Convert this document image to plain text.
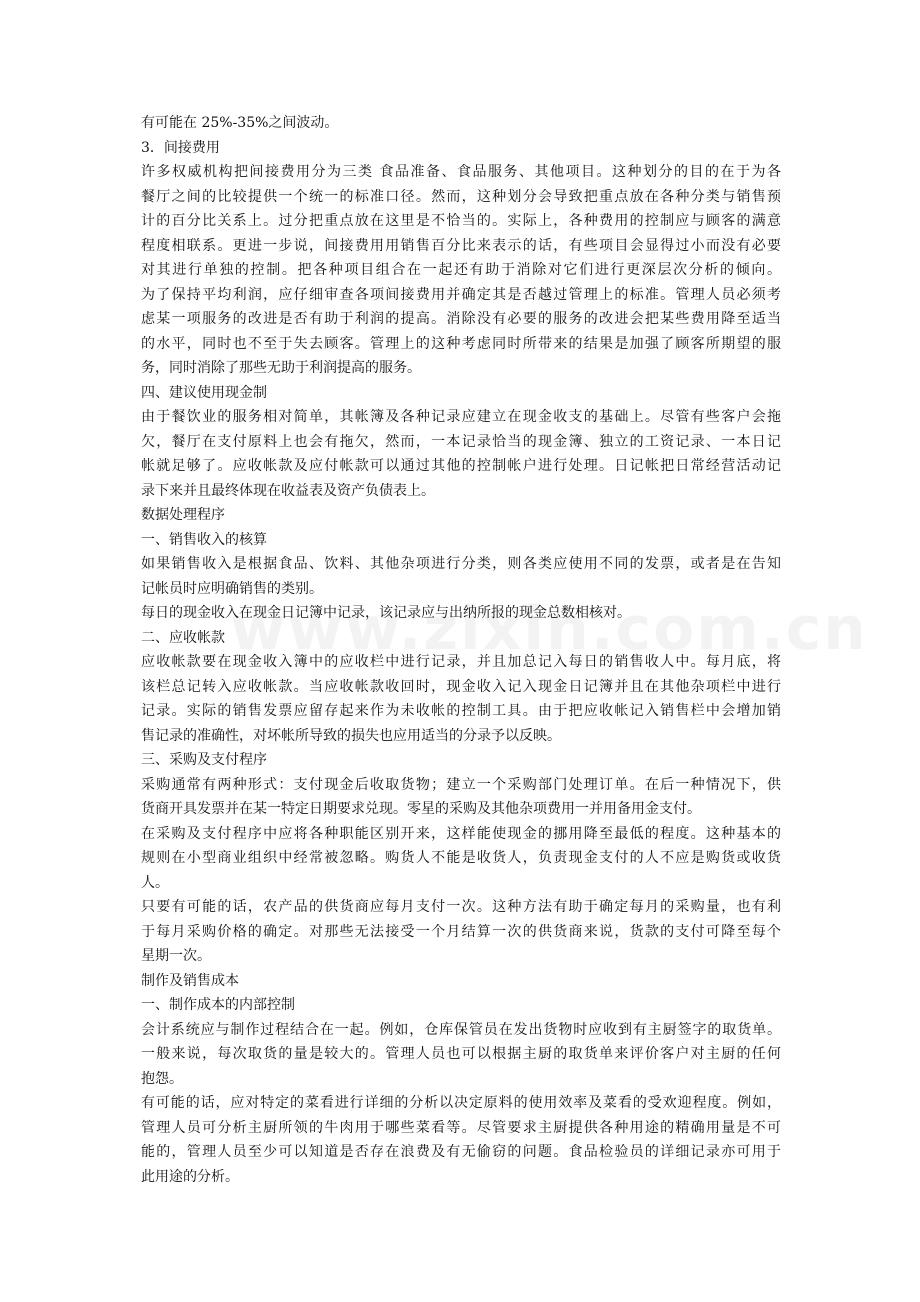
有可能在 25%-35%之间波动。
3．间接费用
许多权威机构把间接费用分为三类 食品准备、食品服务、其他项目。这种划分的目的在于为各
餐厅之间的比较提供一个统一的标准口径。然而，这种划分会导致把重点放在各种分类与销售预
计的百分比关系上。过分把重点放在这里是不恰当的。实际上，各种费用的控制应与顾客的满意
程度相联系。更进一步说，间接费用用销售百分比来表示的话，有些项目会显得过小而没有必要
对其进行单独的控制。把各种项目组合在一起还有助于消除对它们进行更深层次分析的倾向。
为了保持平均利润，应仔细审查各项间接费用并确定其是否越过管理上的标准。管理人员必须考
虑某一项服务的改进是否有助于利润的提高。消除没有必要的服务的改进会把某些费用降至适当
的水平，同时也不至于失去顾客。管理上的这种考虑同时所带来的结果是加强了顾客所期望的服
务，同时消除了那些无助于利润提高的服务。
四、建议使用现金制
由于餐饮业的服务相对简单，其帐簿及各种记录应建立在现金收支的基础上。尽管有些客户会拖
欠，餐厅在支付原料上也会有拖欠，然而，一本记录恰当的现金簿、独立的工资记录、一本日记
帐就足够了。应收帐款及应付帐款可以通过其他的控制帐户进行处理。日记帐把日常经营活动记
录下来并且最终体现在收益表及资产负债表上。
数据处理程序
一、销售收入的核算
如果销售收入是根据食品、饮料、其他杂项进行分类，则各类应使用不同的发票，或者是在告知
记帐员时应明确销售的类别。
每日的现金收入在现金日记簿中记录，该记录应与出纳所报的现金总数相核对。
二、应收帐款
应收帐款要在现金收入簿中的应收栏中进行记录，并且加总记入每日的销售收人中。每月底，将
该栏总记转入应收帐款。当应收帐款收回时，现金收入记入现金日记簿并且在其他杂项栏中进行
记录。实际的销售发票应留存起来作为未收帐的控制工具。由于把应收帐记入销售栏中会增加销
售记录的准确性，对坏帐所导致的损失也应用适当的分录予以反映。
三、采购及支付程序
采购通常有两种形式：支付现金后收取货物；建立一个采购部门处理订单。在后一种情况下，供
货商开具发票并在某一特定日期要求兑现。零星的采购及其他杂项费用一并用备用金支付。
在采购及支付程序中应将各种职能区别开来，这样能使现金的挪用降至最低的程度。这种基本的
规则在小型商业组织中经常被忽略。购货人不能是收货人，负责现金支付的人不应是购货或收货
人。
只要有可能的话，农产品的供货商应每月支付一次。这种方法有助于确定每月的采购量，也有利
于每月采购价格的确定。对那些无法接受一个月结算一次的供货商来说，货款的支付可降至每个
星期一次。
制作及销售成本
一、制作成本的内部控制
会计系统应与制作过程结合在一起。例如，仓库保管员在发出货物时应收到有主厨签字的取货单。
一般来说，每次取货的量是较大的。管理人员也可以根据主厨的取货单来评价客户对主厨的任何
抱怨。
有可能的话，应对特定的菜看进行详细的分析以决定原料的使用效率及菜看的受欢迎程度。例如，
管理人员可分析主厨所领的牛肉用于哪些菜看等。尽管要求主厨提供各种用途的精确用量是不可
能的，管理人员至少可以知道是否存在浪费及有无偷窃的问题。食品检验员的详细记录亦可用于
此用途的分析。
